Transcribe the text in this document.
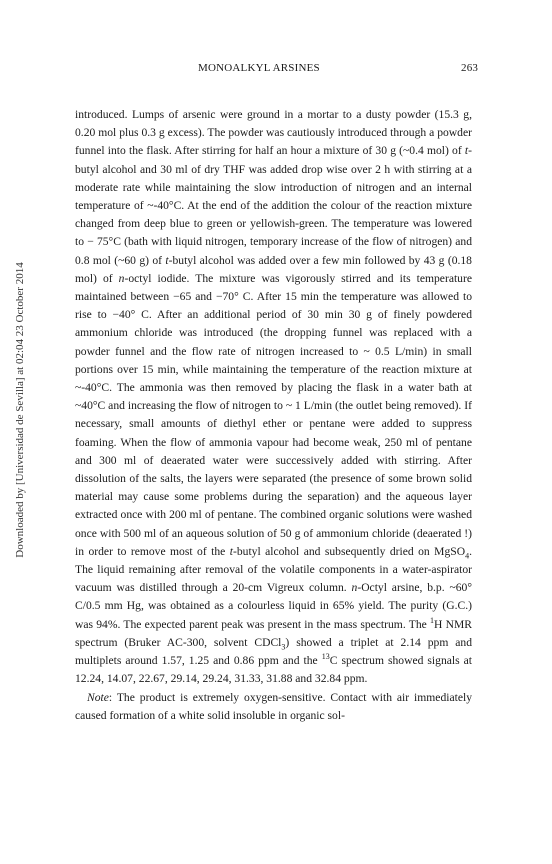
MONOALKYL ARSINES	263
Downloaded by [Universidad de Sevilla] at 02:04 23 October 2014

introduced. Lumps of arsenic were ground in a mortar to a dusty powder (15.3 g, 0.20 mol plus 0.3 g excess). The powder was cautiously introduced through a powder funnel into the flask. After stirring for half an hour a mixture of 30 g (~0.4 mol) of t-butyl alcohol and 30 ml of dry THF was added drop wise over 2 h with stirring at a moderate rate while maintaining the slow introduction of nitrogen and an internal temperature of ~-40°C. At the end of the addition the colour of the reaction mixture changed from deep blue to green or yellowish-green. The temperature was lowered to − 75°C (bath with liquid nitrogen, temporary increase of the flow of nitrogen) and 0.8 mol (~60 g) of t-butyl alcohol was added over a few min followed by 43 g (0.18 mol) of n-octyl iodide. The mixture was vigorously stirred and its temperature maintained between −65 and −70° C. After 15 min the temperature was allowed to rise to −40° C. After an additional period of 30 min 30 g of finely powdered ammonium chloride was introduced (the dropping funnel was replaced with a powder funnel and the flow rate of nitrogen increased to ~ 0.5 L/min) in small portions over 15 min, while maintaining the temperature of the reaction mixture at ~-40°C. The ammonia was then removed by placing the flask in a water bath at ~40°C and increasing the flow of nitrogen to ~ 1 L/min (the outlet being removed). If necessary, small amounts of diethyl ether or pentane were added to suppress foaming. When the flow of ammonia vapour had become weak, 250 ml of pentane and 300 ml of deaerated water were successively added with stirring. After dissolution of the salts, the layers were separated (the presence of some brown solid material may cause some problems during the separation) and the aqueous layer extracted once with 200 ml of pentane. The combined organic solutions were washed once with 500 ml of an aqueous solution of 50 g of ammonium chloride (deaerated !) in order to remove most of the t-butyl alcohol and subsequently dried on MgSO$_4$. The liquid remaining after removal of the volatile components in a water-aspirator vacuum was distilled through a 20-cm Vigreux column. n-Octyl arsine, b.p. ~60° C/0.5 mm Hg, was obtained as a colourless liquid in 65% yield. The purity (G.C.) was 94%. The expected parent peak was present in the mass spectrum. The $^1$H NMR spectrum (Bruker AC-300, solvent CDCl$_3$) showed a triplet at 2.14 ppm and multiplets around 1.57, 1.25 and 0.86 ppm and the $^{13}$C spectrum showed signals at 12.24, 14.07, 22.67, 29.14, 29.24, 31.33, 31.88 and 32.84 ppm.

Note: The product is extremely oxygen-sensitive. Contact with air immediately caused formation of a white solid insoluble in organic sol-
